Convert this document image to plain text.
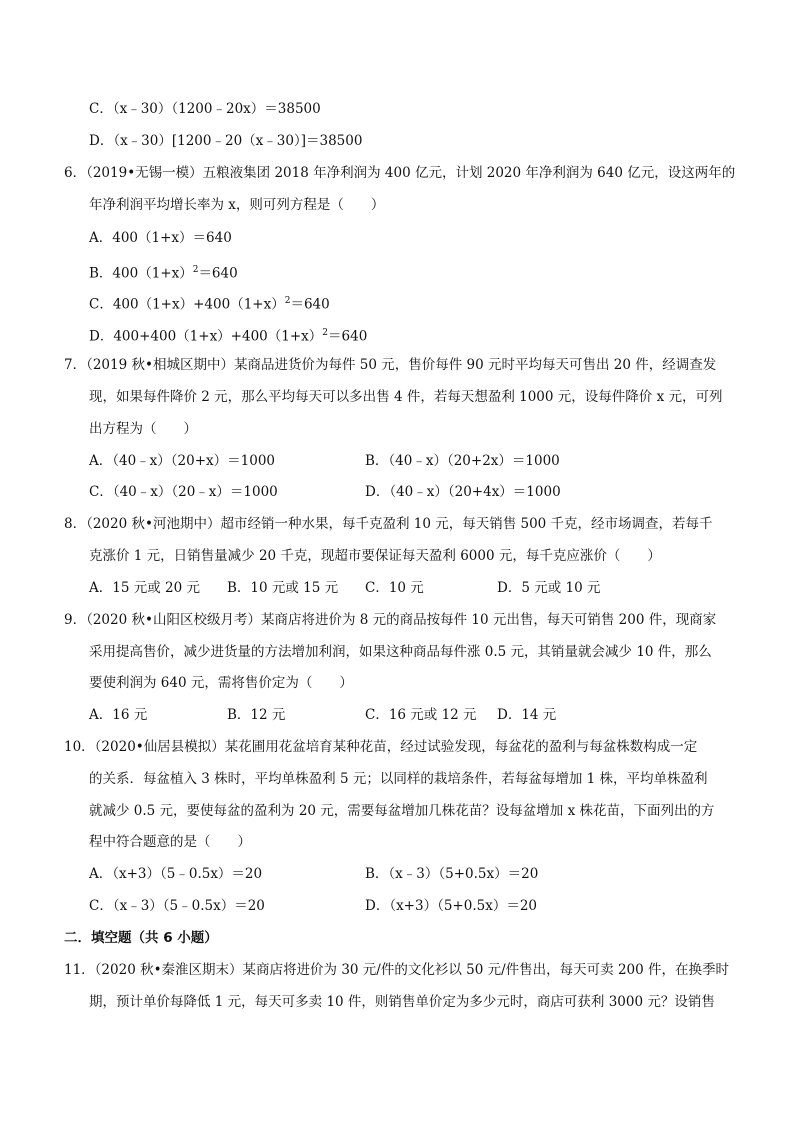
C．（x﹣30）（1200﹣20x）＝38500
D．（x﹣30）[1200﹣20（x﹣30）]＝38500
6．（2019•无锡一模）五粮液集团 2018 年净利润为 400 亿元，计划 2020 年净利润为 640 亿元，设这两年的
年净利润平均增长率为 x，则可列方程是（　　）
A．400（1+x）＝640
B．$400(1+x)^2=640$
C．$400(1+x)+400(1+x)^2=640$
D．$400+400(1+x)+400(1+x)^2=640$
7．（2019 秋•相城区期中）某商品进货价为每件 50 元，售价每件 90 元时平均每天可售出 20 件，经调查发
现，如果每件降价 2 元，那么平均每天可以多出售 4 件，若每天想盈利 1000 元，设每件降价 x 元，可列
出方程为（　　）
A．（40﹣x）（20+x）＝1000	B．（40﹣x）（20+2x）＝1000
C．（40﹣x）（20﹣x）＝1000	D．（40﹣x）（20+4x）＝1000
8．（2020 秋•河池期中）超市经销一种水果，每千克盈利 10 元，每天销售 500 千克，经市场调查，若每千
克涨价 1 元，日销售量减少 20 千克，现超市要保证每天盈利 6000 元，每千克应涨价（　　）
A．15 元或 20 元 B．10 元或 15 元 C．10 元	D．5 元或 10 元
9．（2020 秋•山阳区校级月考）某商店将进价为 8 元的商品按每件 10 元出售，每天可销售 200 件，现商家
采用提高售价，减少进货量的方法增加利润，如果这种商品每件涨 0.5 元，其销量就会减少 10 件，那么
要使利润为 640 元，需将售价定为（　　）
A．16 元	B．12 元	C．16 元或 12 元 D．14 元
10．（2020•仙居县模拟）某花圃用花盆培育某种花苗，经过试验发现，每盆花的盈利与每盆株数构成一定
的关系．每盆植入 3 株时，平均单株盈利 5 元；以同样的栽培条件，若每盆每增加 1 株，平均单株盈利
就减少 0.5 元，要使每盆的盈利为 20 元，需要每盆增加几株花苗？设每盆增加 x 株花苗，下面列出的方
程中符合题意的是（　　）
A．（x+3）（5﹣0.5x）＝20	B．（x﹣3）（5+0.5x）＝20
C．（x﹣3）（5﹣0.5x）＝20	D．（x+3）（5+0.5x）＝20
二．填空题（共 6 小题）
11．（2020 秋•秦淮区期末）某商店将进价为 30 元/件的文化衫以 50 元/件售出，每天可卖 200 件，在换季时
期，预计单价每降低 1 元，每天可多卖 10 件，则销售单价定为多少元时，商店可获利 3000 元？设销售
